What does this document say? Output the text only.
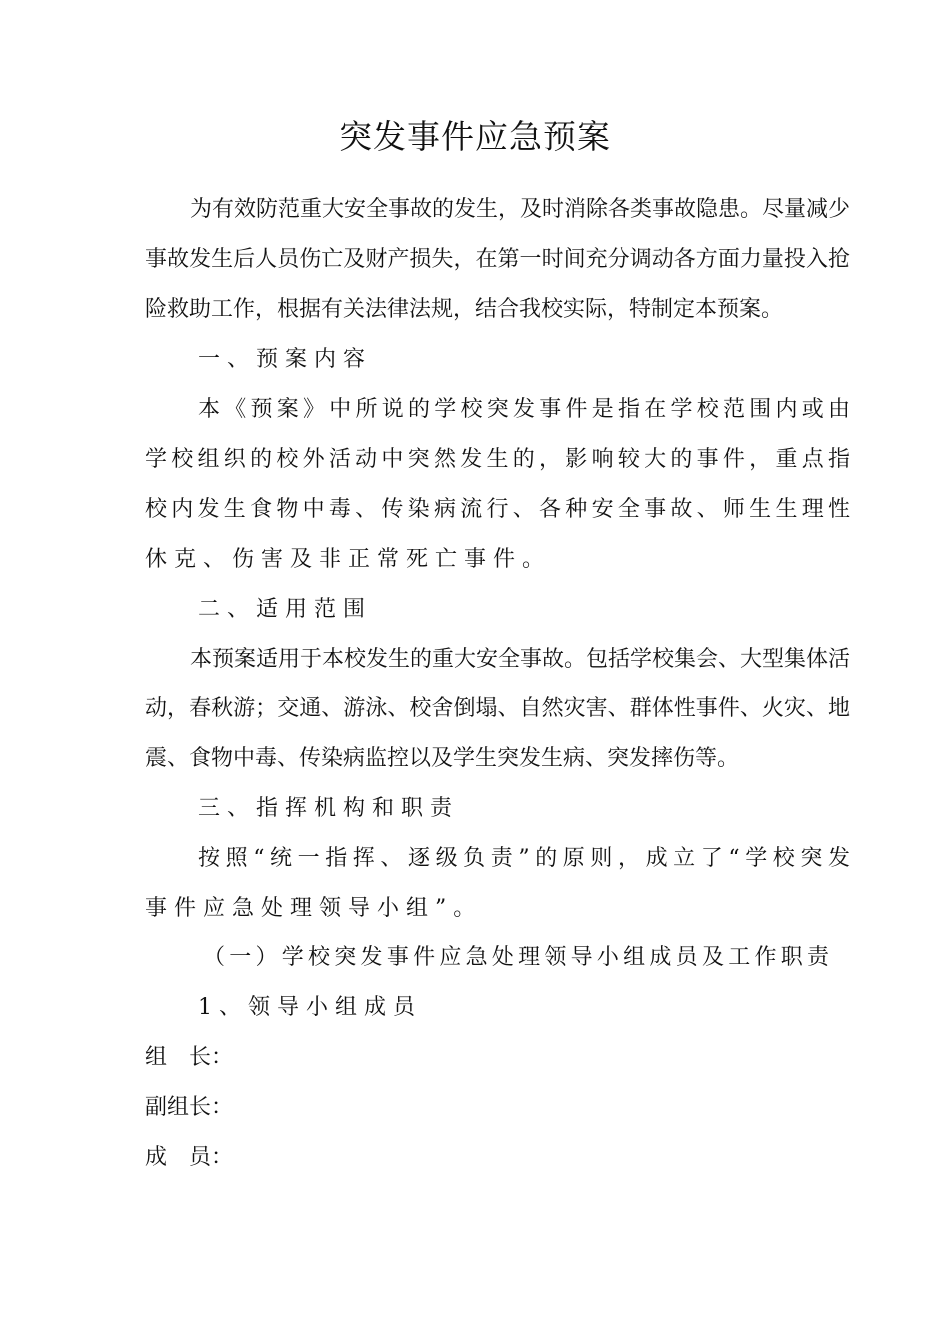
突发事件应急预案
为有效防范重大安全事故的发生，及时消除各类事故隐患。尽量减少
事故发生后人员伤亡及财产损失，在第一时间充分调动各方面力量投入抢
险救助工作，根据有关法律法规，结合我校实际，特制定本预案。
一、预案内容
本《预案》中所说的学校突发事件是指在学校范围内或由
学校组织的校外活动中突然发生的，影响较大的事件，重点指
校内发生食物中毒、传染病流行、各种安全事故、师生生理性
休克、伤害及非正常死亡事件。
二、适用范围
本预案适用于本校发生的重大安全事故。包括学校集会、大型集体活
动，春秋游；交通、游泳、校舍倒塌、自然灾害、群体性事件、火灾、地
震、食物中毒、传染病监控以及学生突发生病、突发摔伤等。
三、指挥机构和职责
按照“统一指挥、逐级负责”的原则，成立了“学校突发
事件应急处理领导小组”。
（一）学校突发事件应急处理领导小组成员及工作职责
1、领导小组成员
组　长：
副组长：
成　员：
